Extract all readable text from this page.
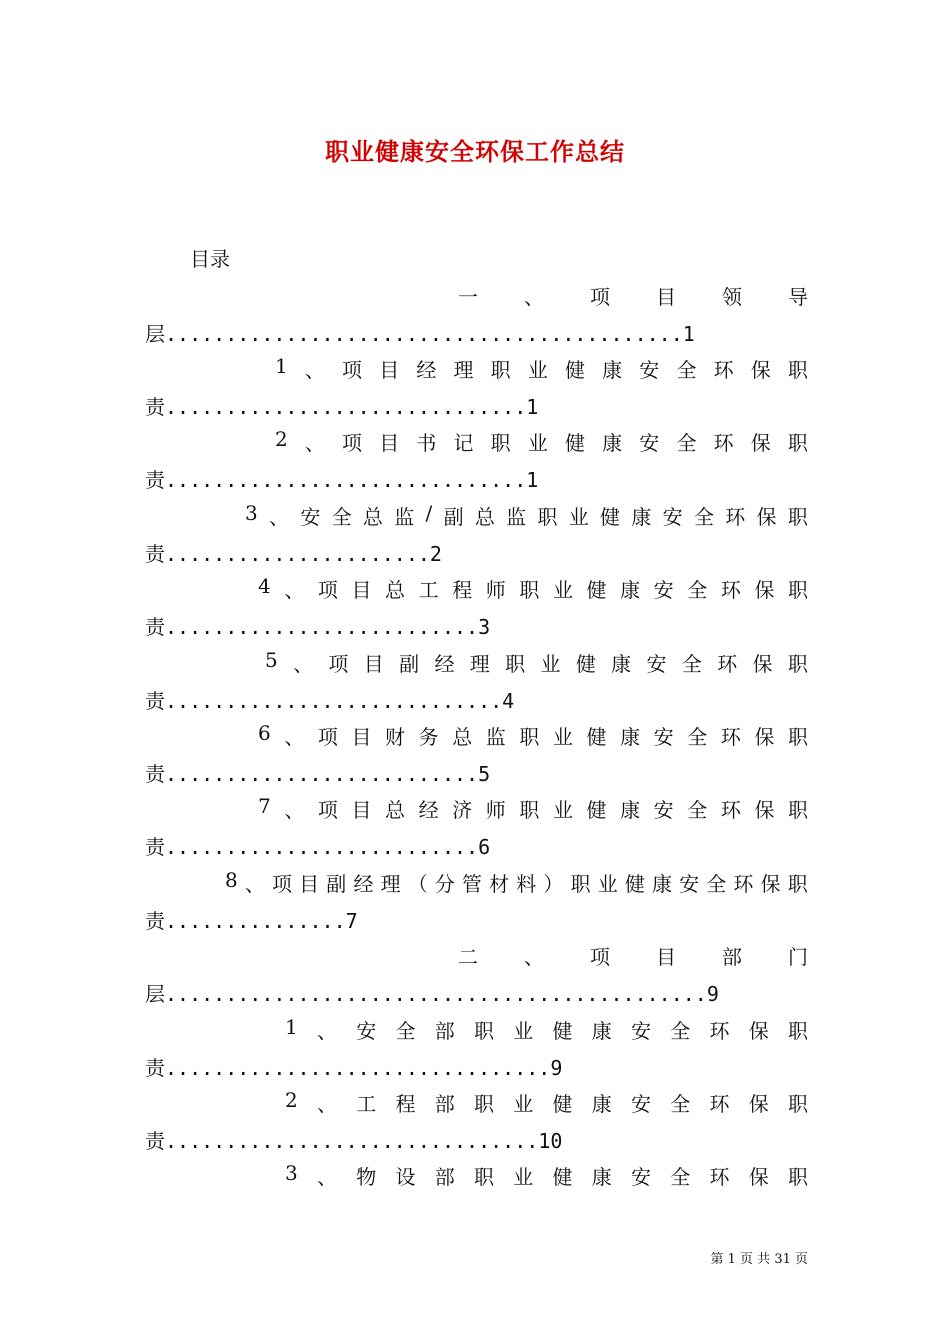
职业健康安全环保工作总结
目录
一 、 项 目 领 导
层...........................................1
1 、 项 目 经 理 职 业 健 康 安 全 环 保 职
责..............................1
2 、 项 目 书 记 职 业 健 康 安 全 环 保 职
责..............................1
3 、 安 全 总 监 / 副 总 监 职 业 健 康 安 全 环 保 职
责......................2
4 、 项 目 总 工 程 师 职 业 健 康 安 全 环 保 职
责..........................3
5 、 项 目 副 经 理 职 业 健 康 安 全 环 保 职
责............................4
6 、 项 目 财 务 总 监 职 业 健 康 安 全 环 保 职
责..........................5
7 、 项 目 总 经 济 师 职 业 健 康 安 全 环 保 职
责..........................6
8 、 项 目 副 经 理 （ 分 管 材 料 ） 职 业 健 康 安 全 环 保 职
责...............7
二 、 项 目 部 门
层.............................................9
1 、 安 全 部 职 业 健 康 安 全 环 保 职
责................................9
2 、 工 程 部 职 业 健 康 安 全 环 保 职
责...............................10
3 、 物 设 部 职 业 健 康 安 全 环 保 职
第 1 页 共 31 页
